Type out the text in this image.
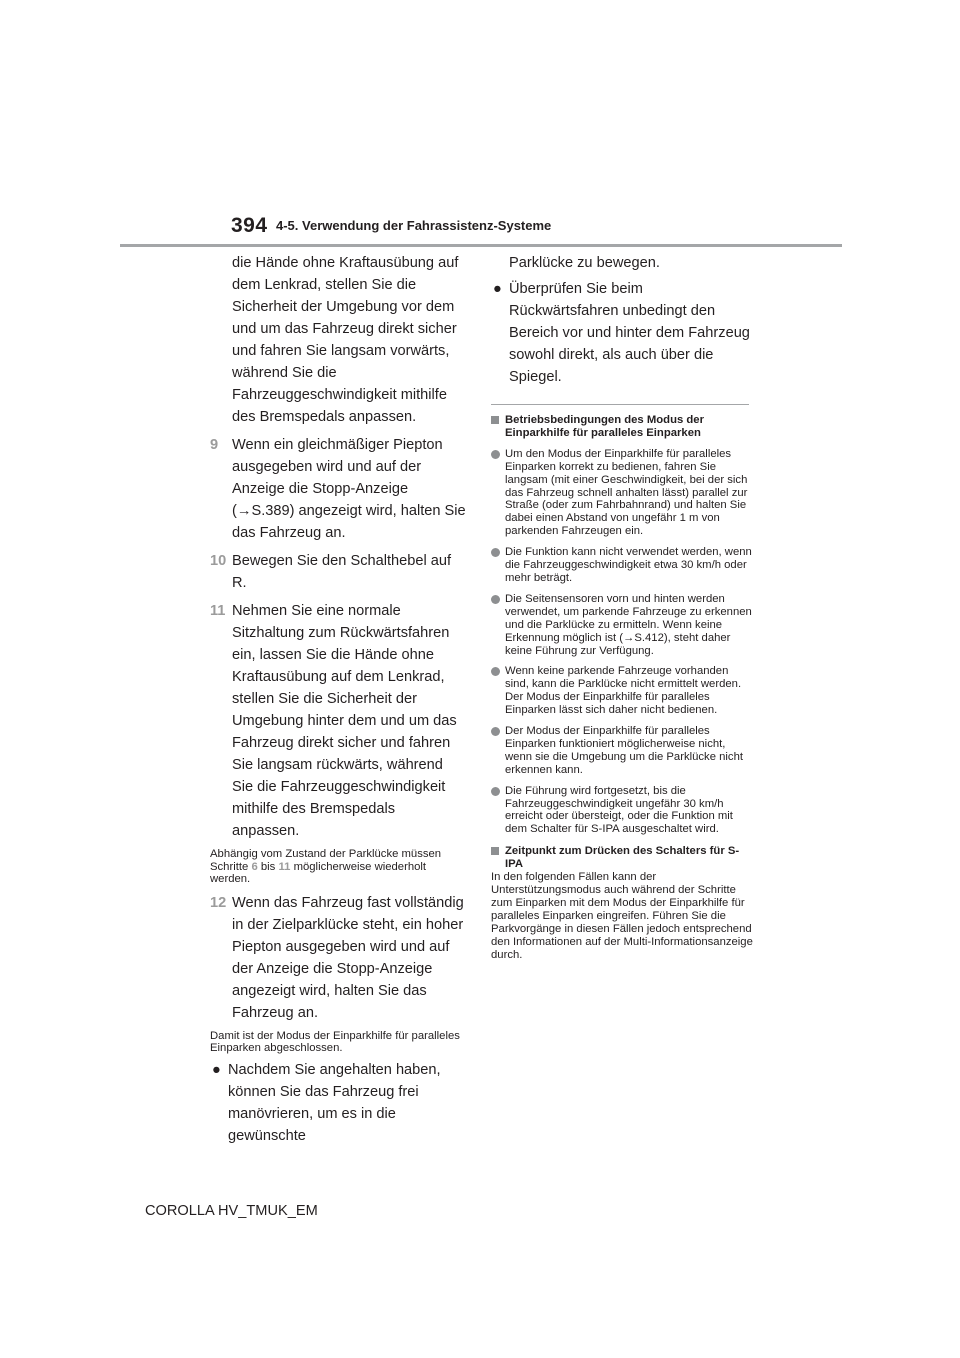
394 4-5. Verwendung der Fahrassistenz-Systeme

die Hände ohne Kraftausübung auf dem Lenkrad, stellen Sie die Sicherheit der Umgebung vor dem und um das Fahrzeug direkt sicher und fahren Sie langsam vorwärts, während Sie die Fahrzeuggeschwindigkeit mithilfe des Bremspedals anpassen.

9 Wenn ein gleichmäßiger Piepton ausgegeben wird und auf der Anzeige die Stopp-Anzeige (→S.389) angezeigt wird, halten Sie das Fahrzeug an.
10 Bewegen Sie den Schalthebel auf R.
11 Nehmen Sie eine normale Sitzhaltung zum Rückwärtsfahren ein, lassen Sie die Hände ohne Kraftausübung auf dem Lenkrad, stellen Sie die Sicherheit der Umgebung hinter dem und um das Fahrzeug direkt sicher und fahren Sie langsam rückwärts, während Sie die Fahrzeuggeschwindigkeit mithilfe des Bremspedals anpassen.

Abhängig vom Zustand der Parklücke müssen Schritte 6 bis 11 möglicherweise wiederholt werden.

12 Wenn das Fahrzeug fast vollständig in der Zielparklücke steht, ein hoher Piepton ausgegeben wird und auf der Anzeige die Stopp-Anzeige angezeigt wird, halten Sie das Fahrzeug an.

Damit ist der Modus der Einparkhilfe für paralleles Einparken abgeschlossen.

● Nachdem Sie angehalten haben, können Sie das Fahrzeug frei manövrieren, um es in die gewünschte

Parklücke zu bewegen.

● Überprüfen Sie beim Rückwärtsfahren unbedingt den Bereich vor und hinter dem Fahrzeug sowohl direkt, als auch über die Spiegel.
Betriebsbedingungen des Modus der Einparkhilfe für paralleles Einparken
Um den Modus der Einparkhilfe für paralleles Einparken korrekt zu bedienen, fahren Sie langsam (mit einer Geschwindigkeit, bei der sich das Fahrzeug schnell anhalten lässt) parallel zur Straße (oder zum Fahrbahnrand) und halten Sie dabei einen Abstand von ungefähr 1 m von parkenden Fahrzeugen ein.
Die Funktion kann nicht verwendet werden, wenn die Fahrzeuggeschwindigkeit etwa 30 km/h oder mehr beträgt.
Die Seitensensoren vorn und hinten werden verwendet, um parkende Fahrzeuge zu erkennen und die Parklücke zu ermitteln. Wenn keine Erkennung möglich ist (→S.412), steht daher keine Führung zur Verfügung.
Wenn keine parkende Fahrzeuge vorhanden sind, kann die Parklücke nicht ermittelt werden. Der Modus der Einparkhilfe für paralleles Einparken lässt sich daher nicht bedienen.
Der Modus der Einparkhilfe für paralleles Einparken funktioniert möglicherweise nicht, wenn sie die Umgebung um die Parklücke nicht erkennen kann.
Die Führung wird fortgesetzt, bis die Fahrzeuggeschwindigkeit ungefähr 30 km/h erreicht oder übersteigt, oder die Funktion mit dem Schalter für S-IPA ausgeschaltet wird.
Zeitpunkt zum Drücken des Schalters für S-IPA

In den folgenden Fällen kann der Unterstützungsmodus auch während der Schritte zum Einparken mit dem Modus der Einparkhilfe für paralleles Einparken eingreifen. Führen Sie die Parkvorgänge in diesen Fällen jedoch entsprechend den Informationen auf der Multi-Informationsanzeige durch.

COROLLA HV_TMUK_EM
